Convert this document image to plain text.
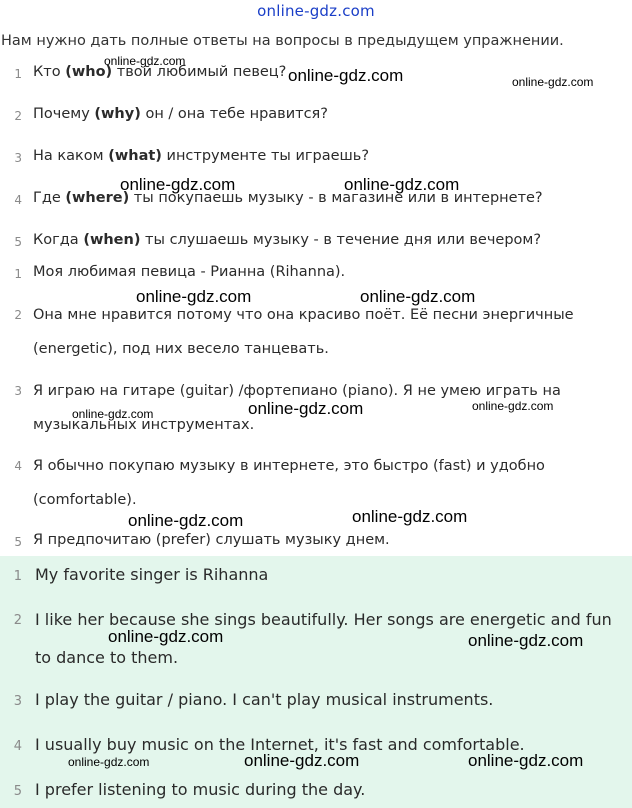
online-gdz.com
Нам нужно дать полные ответы на вопросы в предыдущем упражнении.
1 Кто (who) твой любимый певец?
2 Почему (why) он / она тебе нравится?
3 На каком (what) инструменте ты играешь?
4 Где (where) ты покупаешь музыку - в магазине или в интернете?
5 Когда (when) ты слушаешь музыку - в течение дня или вечером?
1 Моя любимая певица - Рианна (Rihanna).
2 Она мне нравится потому что она красиво поёт. Её песни энергичные
(energetic), под них весело танцевать.
3 Я играю на гитаре (guitar) /фортепиано (piano). Я не умею играть на
музыкальных инструментах.
4 Я обычно покупаю музыку в интернете, это быстро (fast) и удобно
(comfortable).
5 Я предпочитаю (prefer) слушать музыку днем.
1 My favorite singer is Rihanna
2 I like her because she sings beautifully. Her songs are energetic and fun
to dance to them.
3 I play the guitar / piano. I can't play musical instruments.
4 I usually buy music on the Internet, it's fast and comfortable.
5 I prefer listening to music during the day.
online-gdz.com
online-gdz.com	online-gdz.com
online-gdz.com	online-gdz.com
online-gdz.com	online-gdz.com
online-gdz.com	online-gdz.com
online-gdz.com
online-gdz.com
online-gdz.com
online-gdz.com	online-gdz.com
online-gdz.com	online-gdz.com	online-gdz.com
